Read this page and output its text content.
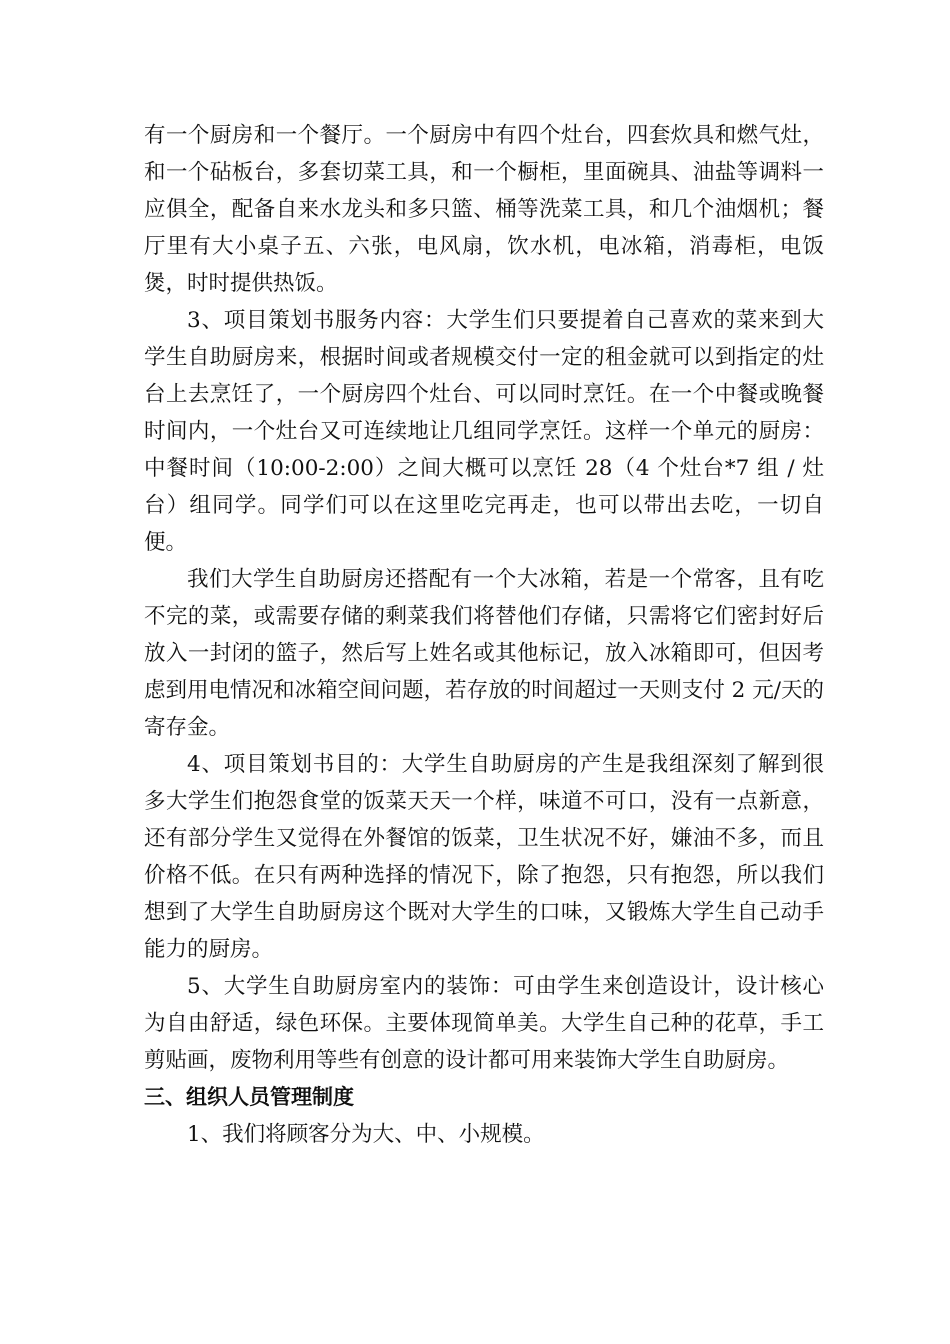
有一个厨房和一个餐厅。一个厨房中有四个灶台，四套炊具和燃气灶，和一个砧板台，多套切菜工具，和一个橱柜，里面碗具、油盐等调料一应俱全，配备自来水龙头和多只篮、桶等洗菜工具，和几个油烟机；餐厅里有大小桌子五、六张，电风扇，饮水机，电冰箱，消毒柜，电饭煲，时时提供热饭。

3、项目策划书服务内容：大学生们只要提着自己喜欢的菜来到大学生自助厨房来，根据时间或者规模交付一定的租金就可以到指定的灶台上去烹饪了，一个厨房四个灶台、可以同时烹饪。在一个中餐或晚餐时间内，一个灶台又可连续地让几组同学烹饪。这样一个单元的厨房：中餐时间（10:00-2:00）之间大概可以烹饪 28（4 个灶台*7 组 / 灶台）组同学。同学们可以在这里吃完再走，也可以带出去吃，一切自便。

我们大学生自助厨房还搭配有一个大冰箱，若是一个常客，且有吃不完的菜，或需要存储的剩菜我们将替他们存储，只需将它们密封好后放入一封闭的篮子，然后写上姓名或其他标记，放入冰箱即可，但因考虑到用电情况和冰箱空间问题，若存放的时间超过一天则支付 2 元/天的寄存金。

4、项目策划书目的：大学生自助厨房的产生是我组深刻了解到很多大学生们抱怨食堂的饭菜天天一个样，味道不可口，没有一点新意，还有部分学生又觉得在外餐馆的饭菜，卫生状况不好，嫌油不多，而且价格不低。在只有两种选择的情况下，除了抱怨，只有抱怨，所以我们想到了大学生自助厨房这个既对大学生的口味，又锻炼大学生自己动手能力的厨房。

5、大学生自助厨房室内的装饰：可由学生来创造设计，设计核心为自由舒适，绿色环保。主要体现简单美。大学生自己种的花草，手工剪贴画，废物利用等些有创意的设计都可用来装饰大学生自助厨房。

三、组织人员管理制度

1、我们将顾客分为大、中、小规模。
